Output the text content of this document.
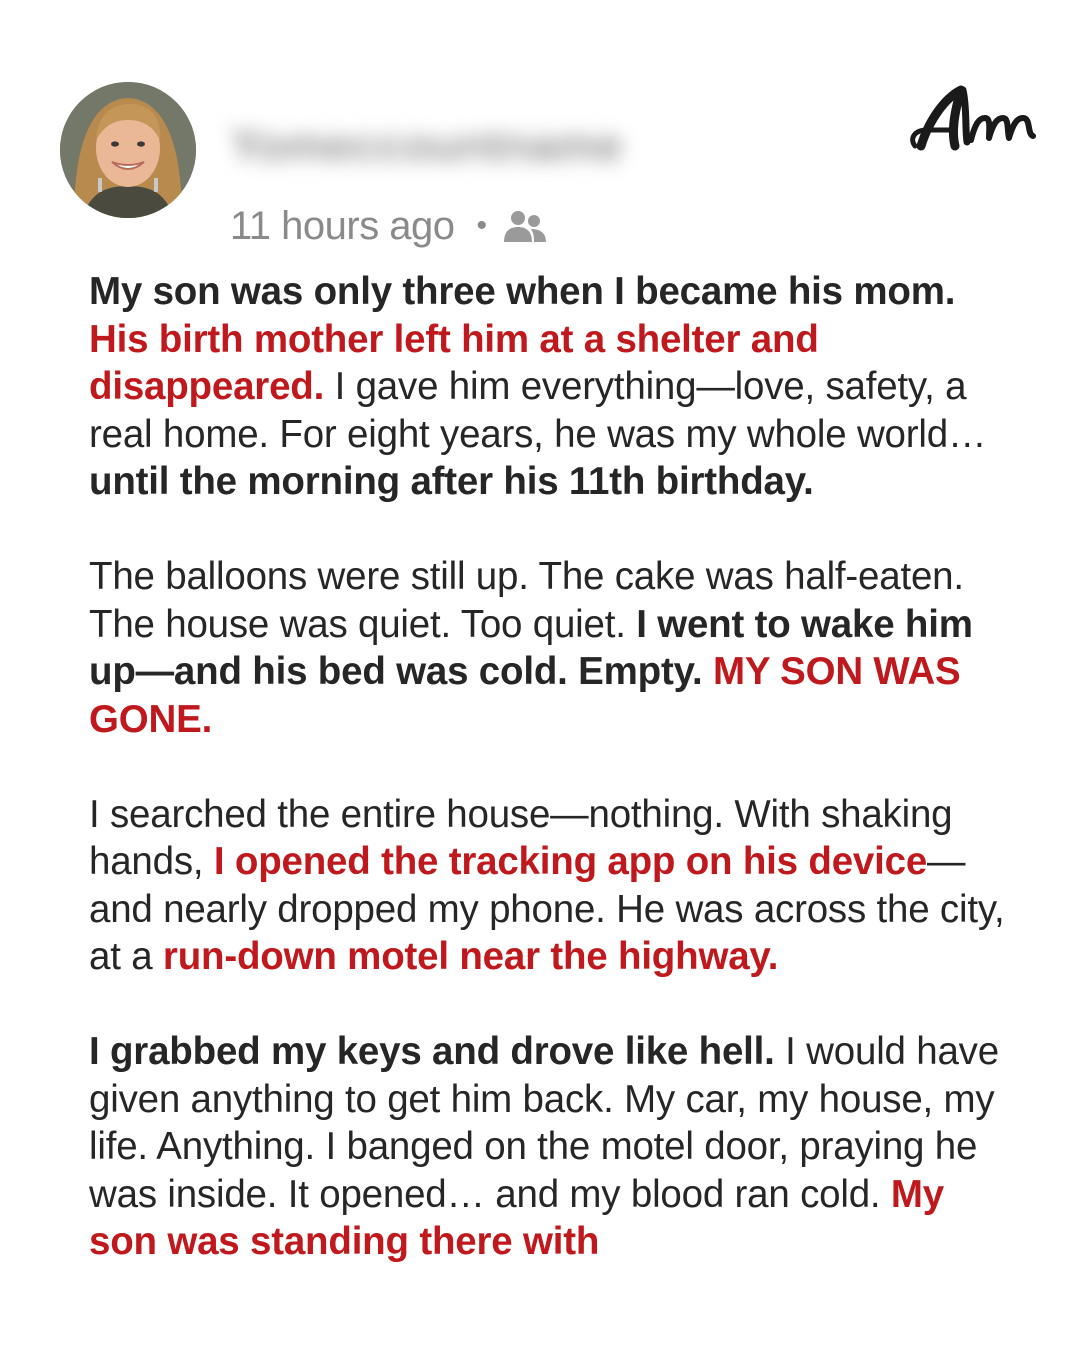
Yomeccountname
11 hours ago •

My son was only three when I became his mom. His birth mother left him at a shelter and disappeared. I gave him everything—love, safety, a real home. For eight years, he was my whole world… until the morning after his 11th birthday.

The balloons were still up. The cake was half-eaten. The house was quiet. Too quiet. I went to wake him up—and his bed was cold. Empty. MY SON WAS GONE.

I searched the entire house—nothing. With shaking hands, I opened the tracking app on his device—and nearly dropped my phone. He was across the city, at a run-down motel near the highway.

I grabbed my keys and drove like hell. I would have given anything to get him back. My car, my house, my life. Anything. I banged on the motel door, praying he was inside. It opened… and my blood ran cold. My son was standing there with
